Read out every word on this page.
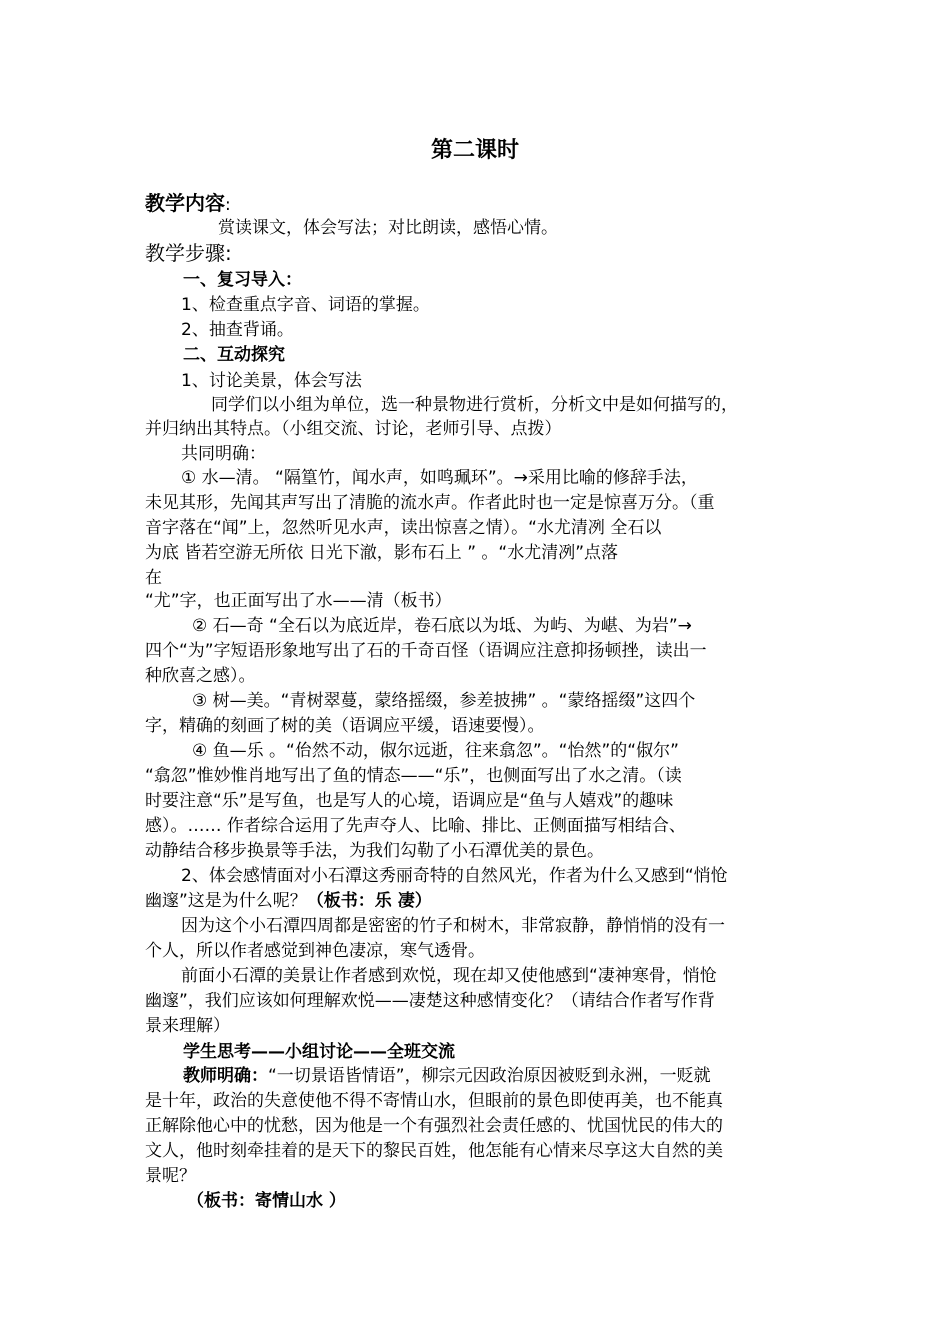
第二课时
教学内容:
赏读课文，体会写法；对比朗读，感悟心情。
教学步骤:
一、复习导入：
1、检查重点字音、词语的掌握。
2、抽查背诵。
二、互动探究
1、讨论美景，体会写法
同学们以小组为单位，选一种景物进行赏析，分析文中是如何描写的，
并归纳出其特点。（小组交流、讨论，老师引导、点拨）
共同明确：
① 水—清。 “隔篁竹，闻水声，如鸣珮环”。→采用比喻的修辞手法，
未见其形，先闻其声写出了清脆的流水声。作者此时也一定是惊喜万分。（重
音字落在“闻”上，忽然听见水声，读出惊喜之情）。“水尤清冽 全石以
为底 皆若空游无所依 日光下澈，影布石上 ” 。“水尤清冽”点落
在
“尤”字，也正面写出了水——清（板书）
② 石—奇 “全石以为底近岸，卷石底以为坻、为屿、为嵁、为岩”→
四个“为”字短语形象地写出了石的千奇百怪（语调应注意抑扬顿挫，读出一
种欣喜之感）。
③ 树—美。“青树翠蔓，蒙络摇缀，参差披拂” 。“蒙络摇缀”这四个
字，精确的刻画了树的美（语调应平缓，语速要慢）。
④ 鱼—乐 。“佁然不动，俶尔远逝，往来翕忽”。“怡然”的“俶尔”
“翕忽”惟妙惟肖地写出了鱼的情态——“乐”，也侧面写出了水之清。（读
时要注意“乐”是写鱼，也是写人的心境，语调应是“鱼与人嬉戏”的趣味
感）。…… 作者综合运用了先声夺人、比喻、排比、正侧面描写相结合、
动静结合移步换景等手法，为我们勾勒了小石潭优美的景色。
2、体会感情面对小石潭这秀丽奇特的自然风光，作者为什么又感到“悄怆
幽邃”这是为什么呢？（板书：乐 凄）
因为这个小石潭四周都是密密的竹子和树木，非常寂静，静悄悄的没有一
个人，所以作者感觉到神色凄凉，寒气透骨。
前面小石潭的美景让作者感到欢悦，现在却又使他感到“凄神寒骨，悄怆
幽邃”，我们应该如何理解欢悦——凄楚这种感情变化？（请结合作者写作背
景来理解）
学生思考——小组讨论——全班交流
教师明确：“一切景语皆情语”，柳宗元因政治原因被贬到永洲，一贬就
是十年，政治的失意使他不得不寄情山水，但眼前的景色即使再美，也不能真
正解除他心中的忧愁，因为他是一个有强烈社会责任感的、忧国忧民的伟大的
文人，他时刻牵挂着的是天下的黎民百姓，他怎能有心情来尽享这大自然的美
景呢？
（板书：寄情山水 ）
